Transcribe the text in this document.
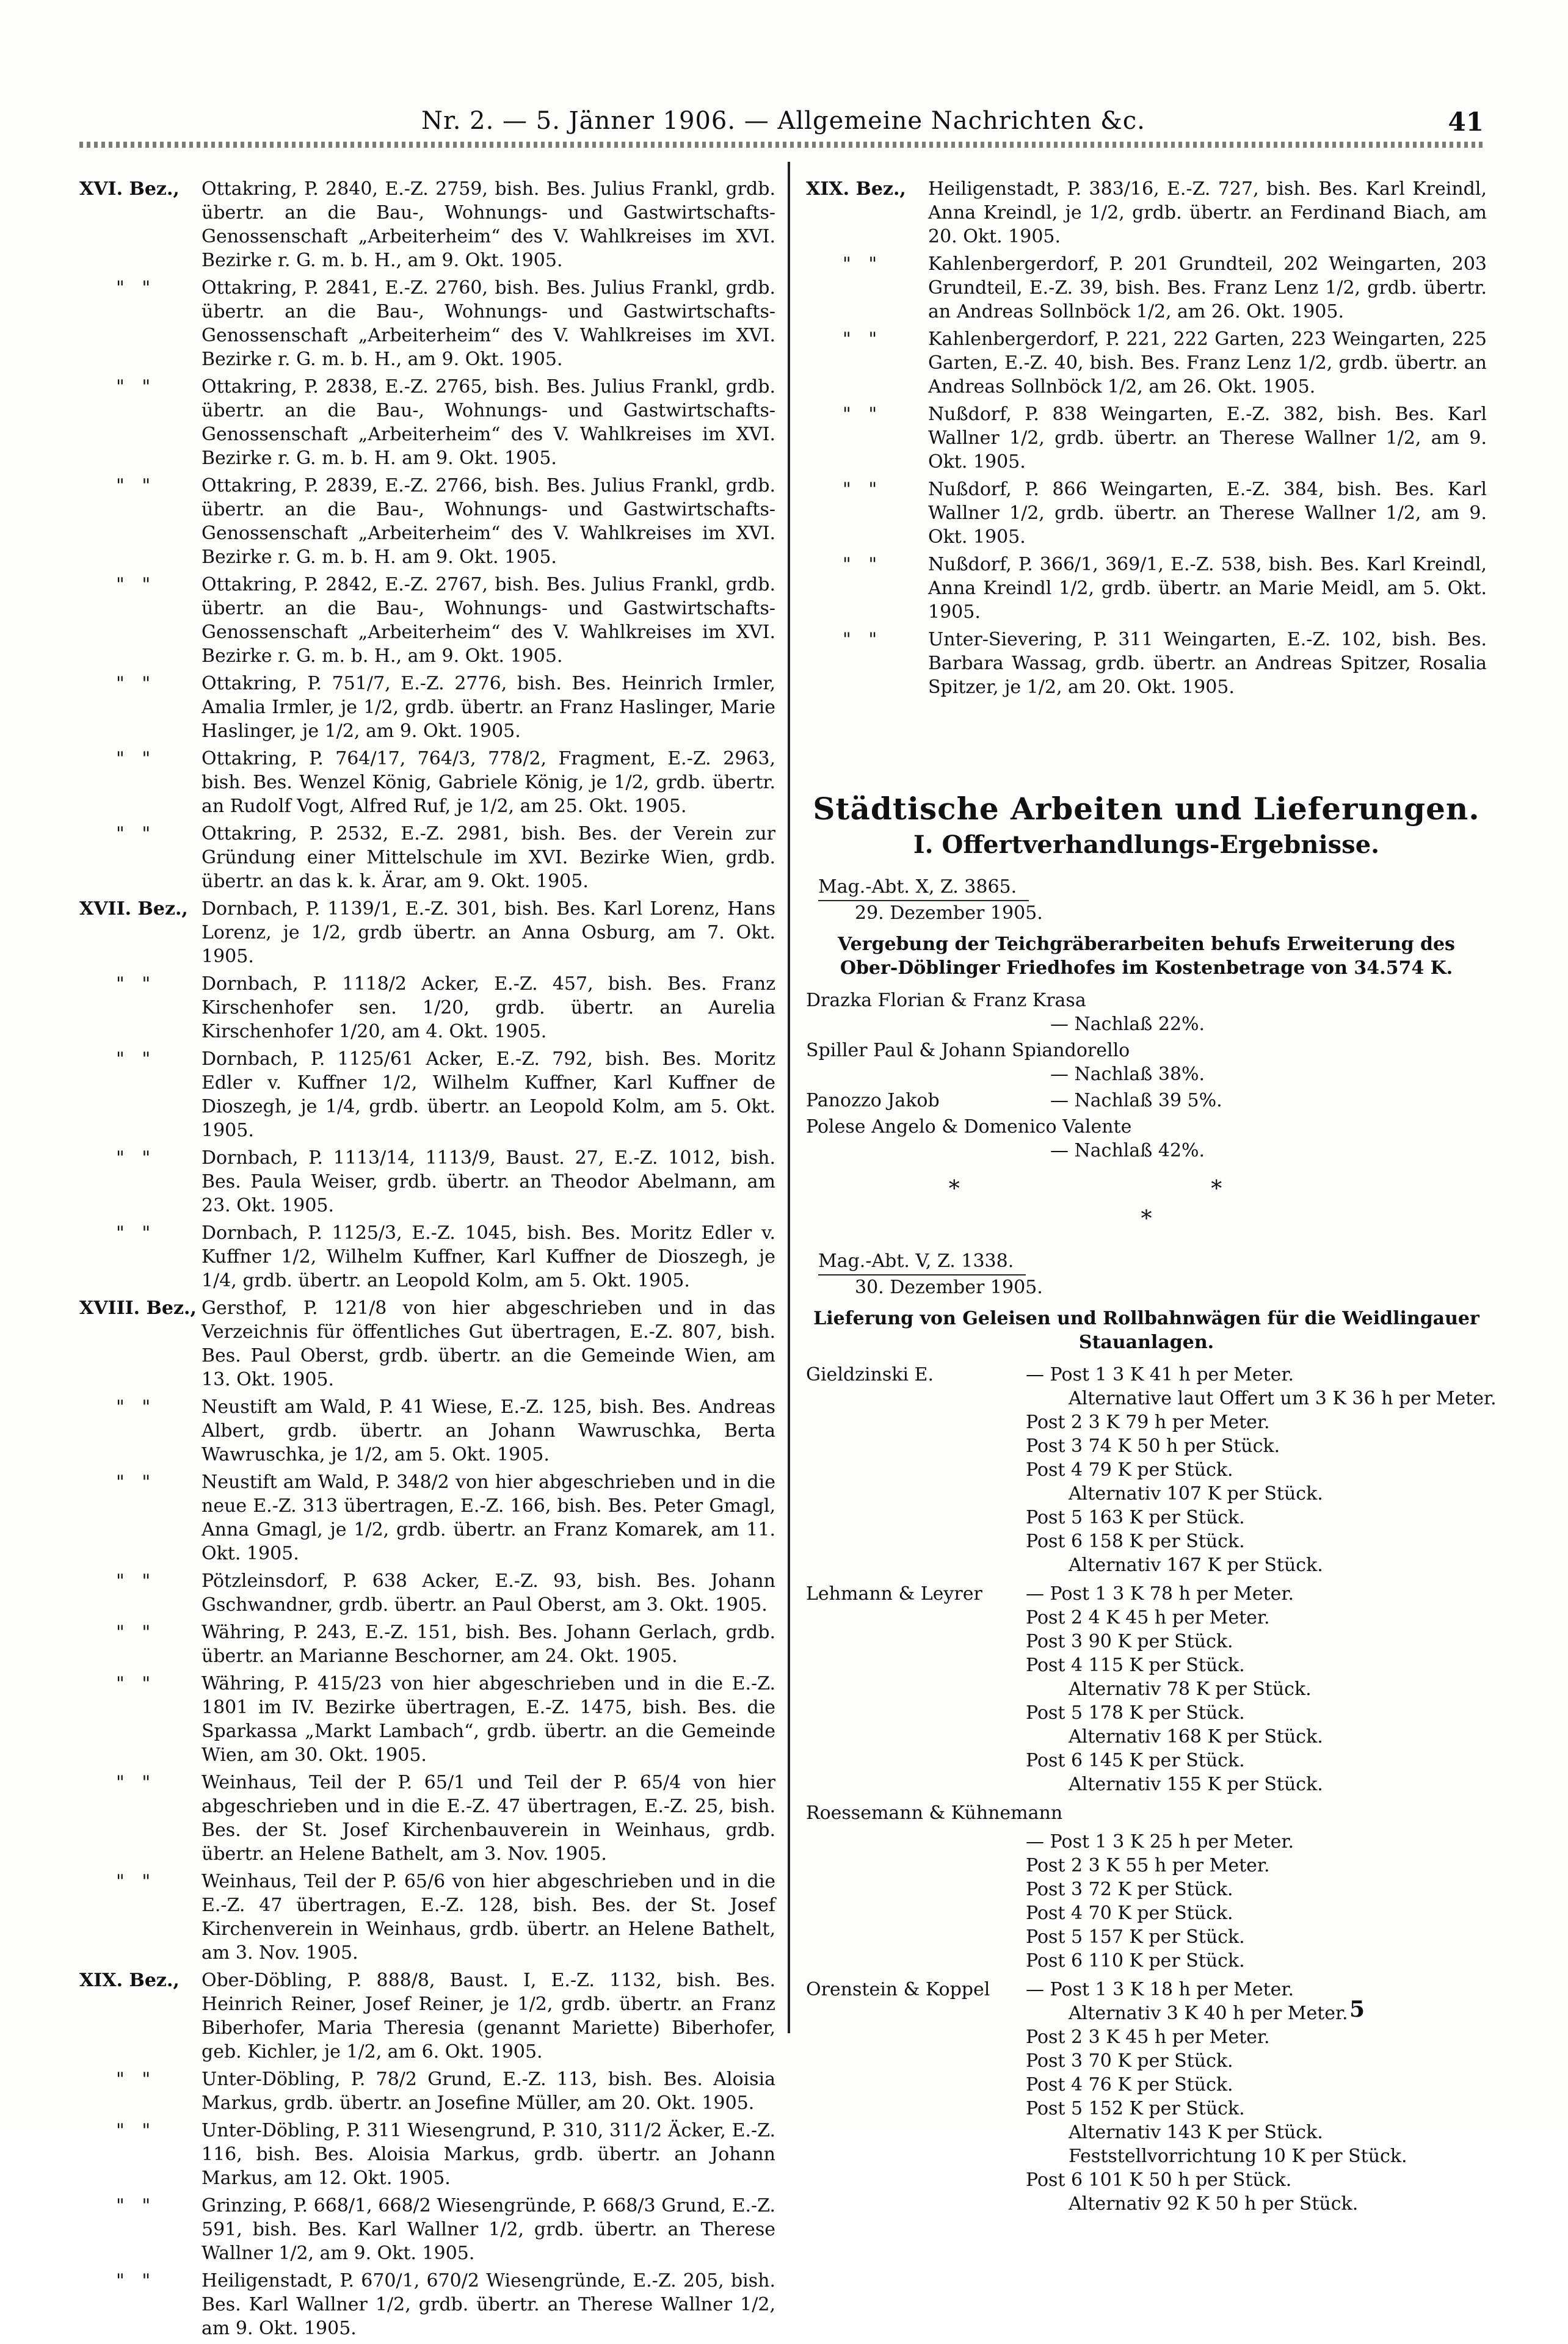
Nr. 2. — 5. Jänner 1906. — Allgemeine Nachrichten &c.	41
XVI. Bez.,	Ottakring, P. 2840, E.-Z. 2759, bish. Bes. Julius Frankl, grdb. übertr. an die Bau-, Wohnungs- und Gastwirtschafts-Genossenschaft „Arbeiterheim“ des V. Wahlkreises im XVI. Bezirke r. G. m. b. H., am 9. Okt. 1905.
"   "	Ottakring, P. 2841, E.-Z. 2760, bish. Bes. Julius Frankl, grdb. übertr. an die Bau-, Wohnungs- und Gastwirtschafts-Genossenschaft „Arbeiterheim“ des V. Wahlkreises im XVI. Bezirke r. G. m. b. H., am 9. Okt. 1905.
"   "	Ottakring, P. 2838, E.-Z. 2765, bish. Bes. Julius Frankl, grdb. übertr. an die Bau-, Wohnungs- und Gastwirtschafts-Genossenschaft „Arbeiterheim“ des V. Wahlkreises im XVI. Bezirke r. G. m. b. H. am 9. Okt. 1905.
"   "	Ottakring, P. 2839, E.-Z. 2766, bish. Bes. Julius Frankl, grdb. übertr. an die Bau-, Wohnungs- und Gastwirtschafts-Genossenschaft „Arbeiterheim“ des V. Wahlkreises im XVI. Bezirke r. G. m. b. H. am 9. Okt. 1905.
"   "	Ottakring, P. 2842, E.-Z. 2767, bish. Bes. Julius Frankl, grdb. übertr. an die Bau-, Wohnungs- und Gastwirtschafts-Genossenschaft „Arbeiterheim“ des V. Wahlkreises im XVI. Bezirke r. G. m. b. H., am 9. Okt. 1905.
"   "	Ottakring, P. 751/7, E.-Z. 2776, bish. Bes. Heinrich Irmler, Amalia Irmler, je 1/2, grdb. übertr. an Franz Haslinger, Marie Haslinger, je 1/2, am 9. Okt. 1905.
"   "	Ottakring, P. 764/17, 764/3, 778/2, Fragment, E.-Z. 2963, bish. Bes. Wenzel König, Gabriele König, je 1/2, grdb. übertr. an Rudolf Vogt, Alfred Ruf, je 1/2, am 25. Okt. 1905.
"   "	Ottakring, P. 2532, E.-Z. 2981, bish. Bes. der Verein zur Gründung einer Mittelschule im XVI. Bezirke Wien, grdb. übertr. an das k. k. Ärar, am 9. Okt. 1905.
XVII. Bez., Dornbach, P. 1139/1, E.-Z. 301, bish. Bes. Karl Lorenz, Hans Lorenz, je 1/2, grdb übertr. an Anna Osburg, am 7. Okt. 1905.
"   "	Dornbach, P. 1118/2 Acker, E.-Z. 457, bish. Bes. Franz Kirschenhofer sen. 1/20, grdb. übertr. an Aurelia Kirschenhofer 1/20, am 4. Okt. 1905.
"   "	Dornbach, P. 1125/61 Acker, E.-Z. 792, bish. Bes. Moritz Edler v. Kuffner 1/2, Wilhelm Kuffner, Karl Kuffner de Dioszegh, je 1/4, grdb. übertr. an Leopold Kolm, am 5. Okt. 1905.
"   "	Dornbach, P. 1113/14, 1113/9, Baust. 27, E.-Z. 1012, bish. Bes. Paula Weiser, grdb. übertr. an Theodor Abelmann, am 23. Okt. 1905.
"   "	Dornbach, P. 1125/3, E.-Z. 1045, bish. Bes. Moritz Edler v. Kuffner 1/2, Wilhelm Kuffner, Karl Kuffner de Dioszegh, je 1/4, grdb. übertr. an Leopold Kolm, am 5. Okt. 1905.
XVIII. Bez., Gersthof, P. 121/8 von hier abgeschrieben und in das Verzeichnis für öffentliches Gut übertragen, E.-Z. 807, bish. Bes. Paul Oberst, grdb. übertr. an die Gemeinde Wien, am 13. Okt. 1905.
"   "	Neustift am Wald, P. 41 Wiese, E.-Z. 125, bish. Bes. Andreas Albert, grdb. übertr. an Johann Wawruschka, Berta Wawruschka, je 1/2, am 5. Okt. 1905.
"   "	Neustift am Wald, P. 348/2 von hier abgeschrieben und in die neue E.-Z. 313 übertragen, E.-Z. 166, bish. Bes. Peter Gmagl, Anna Gmagl, je 1/2, grdb. übertr. an Franz Komarek, am 11. Okt. 1905.
"   "	Pötzleinsdorf, P. 638 Acker, E.-Z. 93, bish. Bes. Johann Gschwandner, grdb. übertr. an Paul Oberst, am 3. Okt. 1905.
"   "	Währing, P. 243, E.-Z. 151, bish. Bes. Johann Gerlach, grdb. übertr. an Marianne Beschorner, am 24. Okt. 1905.
"   "	Währing, P. 415/23 von hier abgeschrieben und in die E.-Z. 1801 im IV. Bezirke übertragen, E.-Z. 1475, bish. Bes. die Sparkassa „Markt Lambach“, grdb. übertr. an die Gemeinde Wien, am 30. Okt. 1905.
"   "	Weinhaus, Teil der P. 65/1 und Teil der P. 65/4 von hier abgeschrieben und in die E.-Z. 47 übertragen, E.-Z. 25, bish. Bes. der St. Josef Kirchenbauverein in Weinhaus, grdb. übertr. an Helene Bathelt, am 3. Nov. 1905.
"   "	Weinhaus, Teil der P. 65/6 von hier abgeschrieben und in die E.-Z. 47 übertragen, E.-Z. 128, bish. Bes. der St. Josef Kirchenverein in Weinhaus, grdb. übertr. an Helene Bathelt, am 3. Nov. 1905.
XIX. Bez.,	Ober-Döbling, P. 888/8, Baust. I, E.-Z. 1132, bish. Bes. Heinrich Reiner, Josef Reiner, je 1/2, grdb. übertr. an Franz Biberhofer, Maria Theresia (genannt Mariette) Biberhofer, geb. Kichler, je 1/2, am 6. Okt. 1905.
"   "	Unter-Döbling, P. 78/2 Grund, E.-Z. 113, bish. Bes. Aloisia Markus, grdb. übertr. an Josefine Müller, am 20. Okt. 1905.
"   "	Unter-Döbling, P. 311 Wiesengrund, P. 310, 311/2 Äcker, E.-Z. 116, bish. Bes. Aloisia Markus, grdb. übertr. an Johann Markus, am 12. Okt. 1905.
"   "	Grinzing, P. 668/1, 668/2 Wiesengründe, P. 668/3 Grund, E.-Z. 591, bish. Bes. Karl Wallner 1/2, grdb. übertr. an Therese Wallner 1/2, am 9. Okt. 1905.
"   "	Heiligenstadt, P. 670/1, 670/2 Wiesengründe, E.-Z. 205, bish. Bes. Karl Wallner 1/2, grdb. übertr. an Therese Wallner 1/2, am 9. Okt. 1905.
XIX. Bez.,	Heiligenstadt, P. 383/16, E.-Z. 727, bish. Bes. Karl Kreindl, Anna Kreindl, je 1/2, grdb. übertr. an Ferdinand Biach, am 20. Okt. 1905.
"   "	Kahlenbergerdorf, P. 201 Grundteil, 202 Weingarten, 203 Grundteil, E.-Z. 39, bish. Bes. Franz Lenz 1/2, grdb. übertr. an Andreas Sollnböck 1/2, am 26. Okt. 1905.
"   "	Kahlenbergerdorf, P. 221, 222 Garten, 223 Weingarten, 225 Garten, E.-Z. 40, bish. Bes. Franz Lenz 1/2, grdb. übertr. an Andreas Sollnböck 1/2, am 26. Okt. 1905.
"   "	Nußdorf, P. 838 Weingarten, E.-Z. 382, bish. Bes. Karl Wallner 1/2, grdb. übertr. an Therese Wallner 1/2, am 9. Okt. 1905.
"   "	Nußdorf, P. 866 Weingarten, E.-Z. 384, bish. Bes. Karl Wallner 1/2, grdb. übertr. an Therese Wallner 1/2, am 9. Okt. 1905.
"   "	Nußdorf, P. 366/1, 369/1, E.-Z. 538, bish. Bes. Karl Kreindl, Anna Kreindl 1/2, grdb. übertr. an Marie Meidl, am 5. Okt. 1905.
"   "	Unter-Sievering, P. 311 Weingarten, E.-Z. 102, bish. Bes. Barbara Wassag, grdb. übertr. an Andreas Spitzer, Rosalia Spitzer, je 1/2, am 20. Okt. 1905.
Städtische Arbeiten und Lieferungen.
I. Offertverhandlungs-Ergebnisse.
Mag.-Abt. X, Z. 3865.
29. Dezember 1905.
Vergebung der Teichgräberarbeiten behufs Erweiterung des Ober-Döblinger Friedhofes im Kostenbetrage von 34.574 K.
Drazka Florian & Franz Krasa
— Nachlaß 22%.
Spiller Paul & Johann Spiandorello
— Nachlaß 38%.
Panozzo Jakob	— Nachlaß 39 5%.
Polese Angelo & Domenico Valente
— Nachlaß 42%.
* *
*
Mag.-Abt. V, Z. 1338.
30. Dezember 1905.
Lieferung von Geleisen und Rollbahnwägen für die Weidlingauer Stauanlagen.
Gieldzinski E.	— Post 1 3 K 41 h per Meter.
Alternative laut Offert um 3 K 36 h per Meter.
Post 2 3 K 79 h per Meter.
Post 3 74 K 50 h per Stück.
Post 4 79 K per Stück.
Alternativ 107 K per Stück.
Post 5 163 K per Stück.
Post 6 158 K per Stück.
Alternativ 167 K per Stück.
Lehmann & Leyrer	— Post 1 3 K 78 h per Meter.
Post 2 4 K 45 h per Meter.
Post 3 90 K per Stück.
Post 4 115 K per Stück.
Alternativ 78 K per Stück.
Post 5 178 K per Stück.
Alternativ 168 K per Stück.
Post 6 145 K per Stück.
Alternativ 155 K per Stück.
Roessemann & Kühnemann
— Post 1 3 K 25 h per Meter.
Post 2 3 K 55 h per Meter.
Post 3 72 K per Stück.
Post 4 70 K per Stück.
Post 5 157 K per Stück.
Post 6 110 K per Stück.
Orenstein & Koppel	— Post 1 3 K 18 h per Meter.
Alternativ 3 K 40 h per Meter.
Post 2 3 K 45 h per Meter.
Post 3 70 K per Stück.
Post 4 76 K per Stück.
Post 5 152 K per Stück.
Alternativ 143 K per Stück.
Feststellvorrichtung 10 K per Stück.
Post 6 101 K 50 h per Stück.
Alternativ 92 K 50 h per Stück.
5
